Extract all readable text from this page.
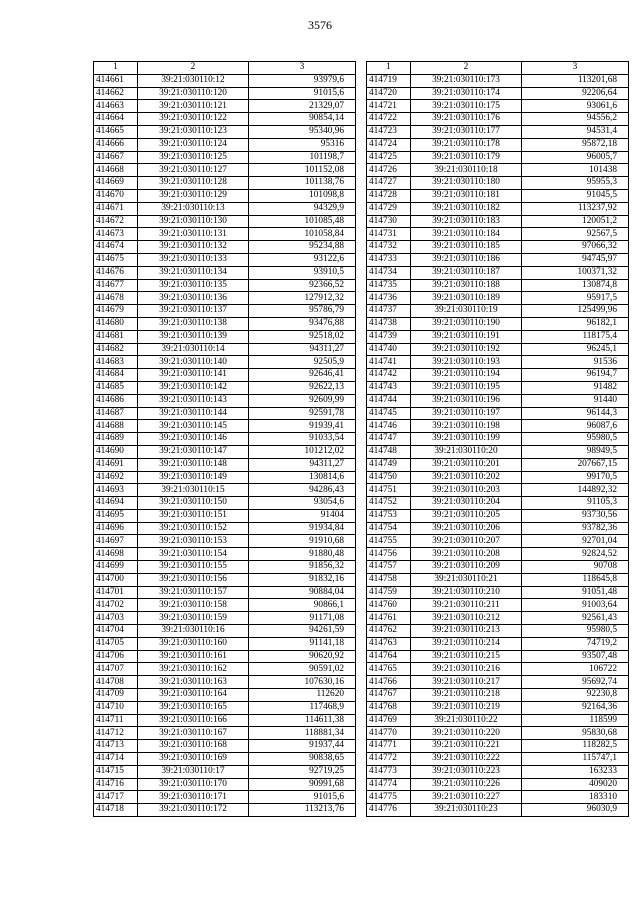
3576
1	2	3
414661	39:21:030110:12	93979,6
414662	39:21:030110:120	91015,6
414663	39:21:030110:121	21329,07
414664	39:21:030110:122	90854,14
414665	39:21:030110:123	95340,96
414666	39:21:030110:124	95316
414667	39:21:030110:125	101198,7
414668	39:21:030110:127	101152,08
414669	39:21:030110:128	101138,76
414670	39:21:030110:129	101098,8
414671	39:21:030110:13	94329,9
414672	39:21:030110:130	101085,48
414673	39:21:030110:131	101058,84
414674	39:21:030110:132	95234,88
414675	39:21:030110:133	93122,6
414676	39:21:030110:134	93910,5
414677	39:21:030110:135	92366,52
414678	39:21:030110:136	127912,32
414679	39:21:030110:137	95786,79
414680	39:21:030110:138	93476,88
414681	39:21:030110:139	92518,02
414682	39:21:030110:14	94311,27
414683	39:21:030110:140	92505,9
414684	39:21:030110:141	92646,41
414685	39:21:030110:142	92622,13
414686	39:21:030110:143	92609,99
414687	39:21:030110:144	92591,78
414688	39:21:030110:145	91939,41
414689	39:21:030110:146	91033,54
414690	39:21:030110:147	101212,02
414691	39:21:030110:148	94311,27
414692	39:21:030110:149	130814,6
414693	39:21:030110:15	94286,43
414694	39:21:030110:150	93054,6
414695	39:21:030110:151	91404
414696	39:21:030110:152	91934,84
414697	39:21:030110:153	91910,68
414698	39:21:030110:154	91880,48
414699	39:21:030110:155	91856,32
414700	39:21:030110:156	91832,16
414701	39:21:030110:157	90884,04
414702	39:21:030110:158	90866,1
414703	39:21:030110:159	91171,08
414704	39:21:030110:16	94261,59
414705	39:21:030110:160	91141,18
414706	39:21:030110:161	90620,92
414707	39:21:030110:162	90591,02
414708	39:21:030110:163	107630,16
414709	39:21:030110:164	112620
414710	39:21:030110:165	117468,9
414711	39:21:030110:166	114611,38
414712	39:21:030110:167	118881,34
414713	39:21:030110:168	91937,44
414714	39:21:030110:169	90838,65
414715	39:21:030110:17	92719,25
414716	39:21:030110:170	90991,68
414717	39:21:030110:171	91015,6
414718	39:21:030110:172	113213,76
1	2	3
414719	39:21:030110:173	113201,68
414720	39:21:030110:174	92206,64
414721	39:21:030110:175	93061,6
414722	39:21:030110:176	94556,2
414723	39:21:030110:177	94531,4
414724	39:21:030110:178	95872,18
414725	39:21:030110:179	96005,7
414726	39:21:030110:18	101438
414727	39:21:030110:180	95955,3
414728	39:21:030110:181	91045,5
414729	39:21:030110:182	113237,92
414730	39:21:030110:183	120051,2
414731	39:21:030110:184	92567,5
414732	39:21:030110:185	97066,32
414733	39:21:030110:186	94745,97
414734	39:21:030110:187	100371,32
414735	39:21:030110:188	130874,8
414736	39:21:030110:189	95917,5
414737	39:21:030110:19	125499,96
414738	39:21:030110:190	96182,1
414739	39:21:030110:191	118175,4
414740	39:21:030110:192	96245,1
414741	39:21:030110:193	91536
414742	39:21:030110:194	96194,7
414743	39:21:030110:195	91482
414744	39:21:030110:196	91440
414745	39:21:030110:197	96144,3
414746	39:21:030110:198	96087,6
414747	39:21:030110:199	95980,5
414748	39:21:030110:20	98949,5
414749	39:21:030110:201	207667,15
414750	39:21:030110:202	99170,5
414751	39:21:030110:203	144892,32
414752	39:21:030110:204	91105,3
414753	39:21:030110:205	93730,56
414754	39:21:030110:206	93782,36
414755	39:21:030110:207	92701,04
414756	39:21:030110:208	92824,52
414757	39:21:030110:209	90708
414758	39:21:030110:21	118645,8
414759	39:21:030110:210	91051,48
414760	39:21:030110:211	91003,64
414761	39:21:030110:212	92561,43
414762	39:21:030110:213	95980,5
414763	39:21:030110:214	74719,2
414764	39:21:030110:215	93507,48
414765	39:21:030110:216	106722
414766	39:21:030110:217	95692,74
414767	39:21:030110:218	92230,8
414768	39:21:030110:219	92164,36
414769	39:21:030110:22	118599
414770	39:21:030110:220	95830,68
414771	39:21:030110:221	118282,5
414772	39:21:030110:222	115747,1
414773	39:21:030110:223	163233
414774	39:21:030110:226	409020
414775	39:21:030110:227	183310
414776	39:21:030110:23	96030,9
